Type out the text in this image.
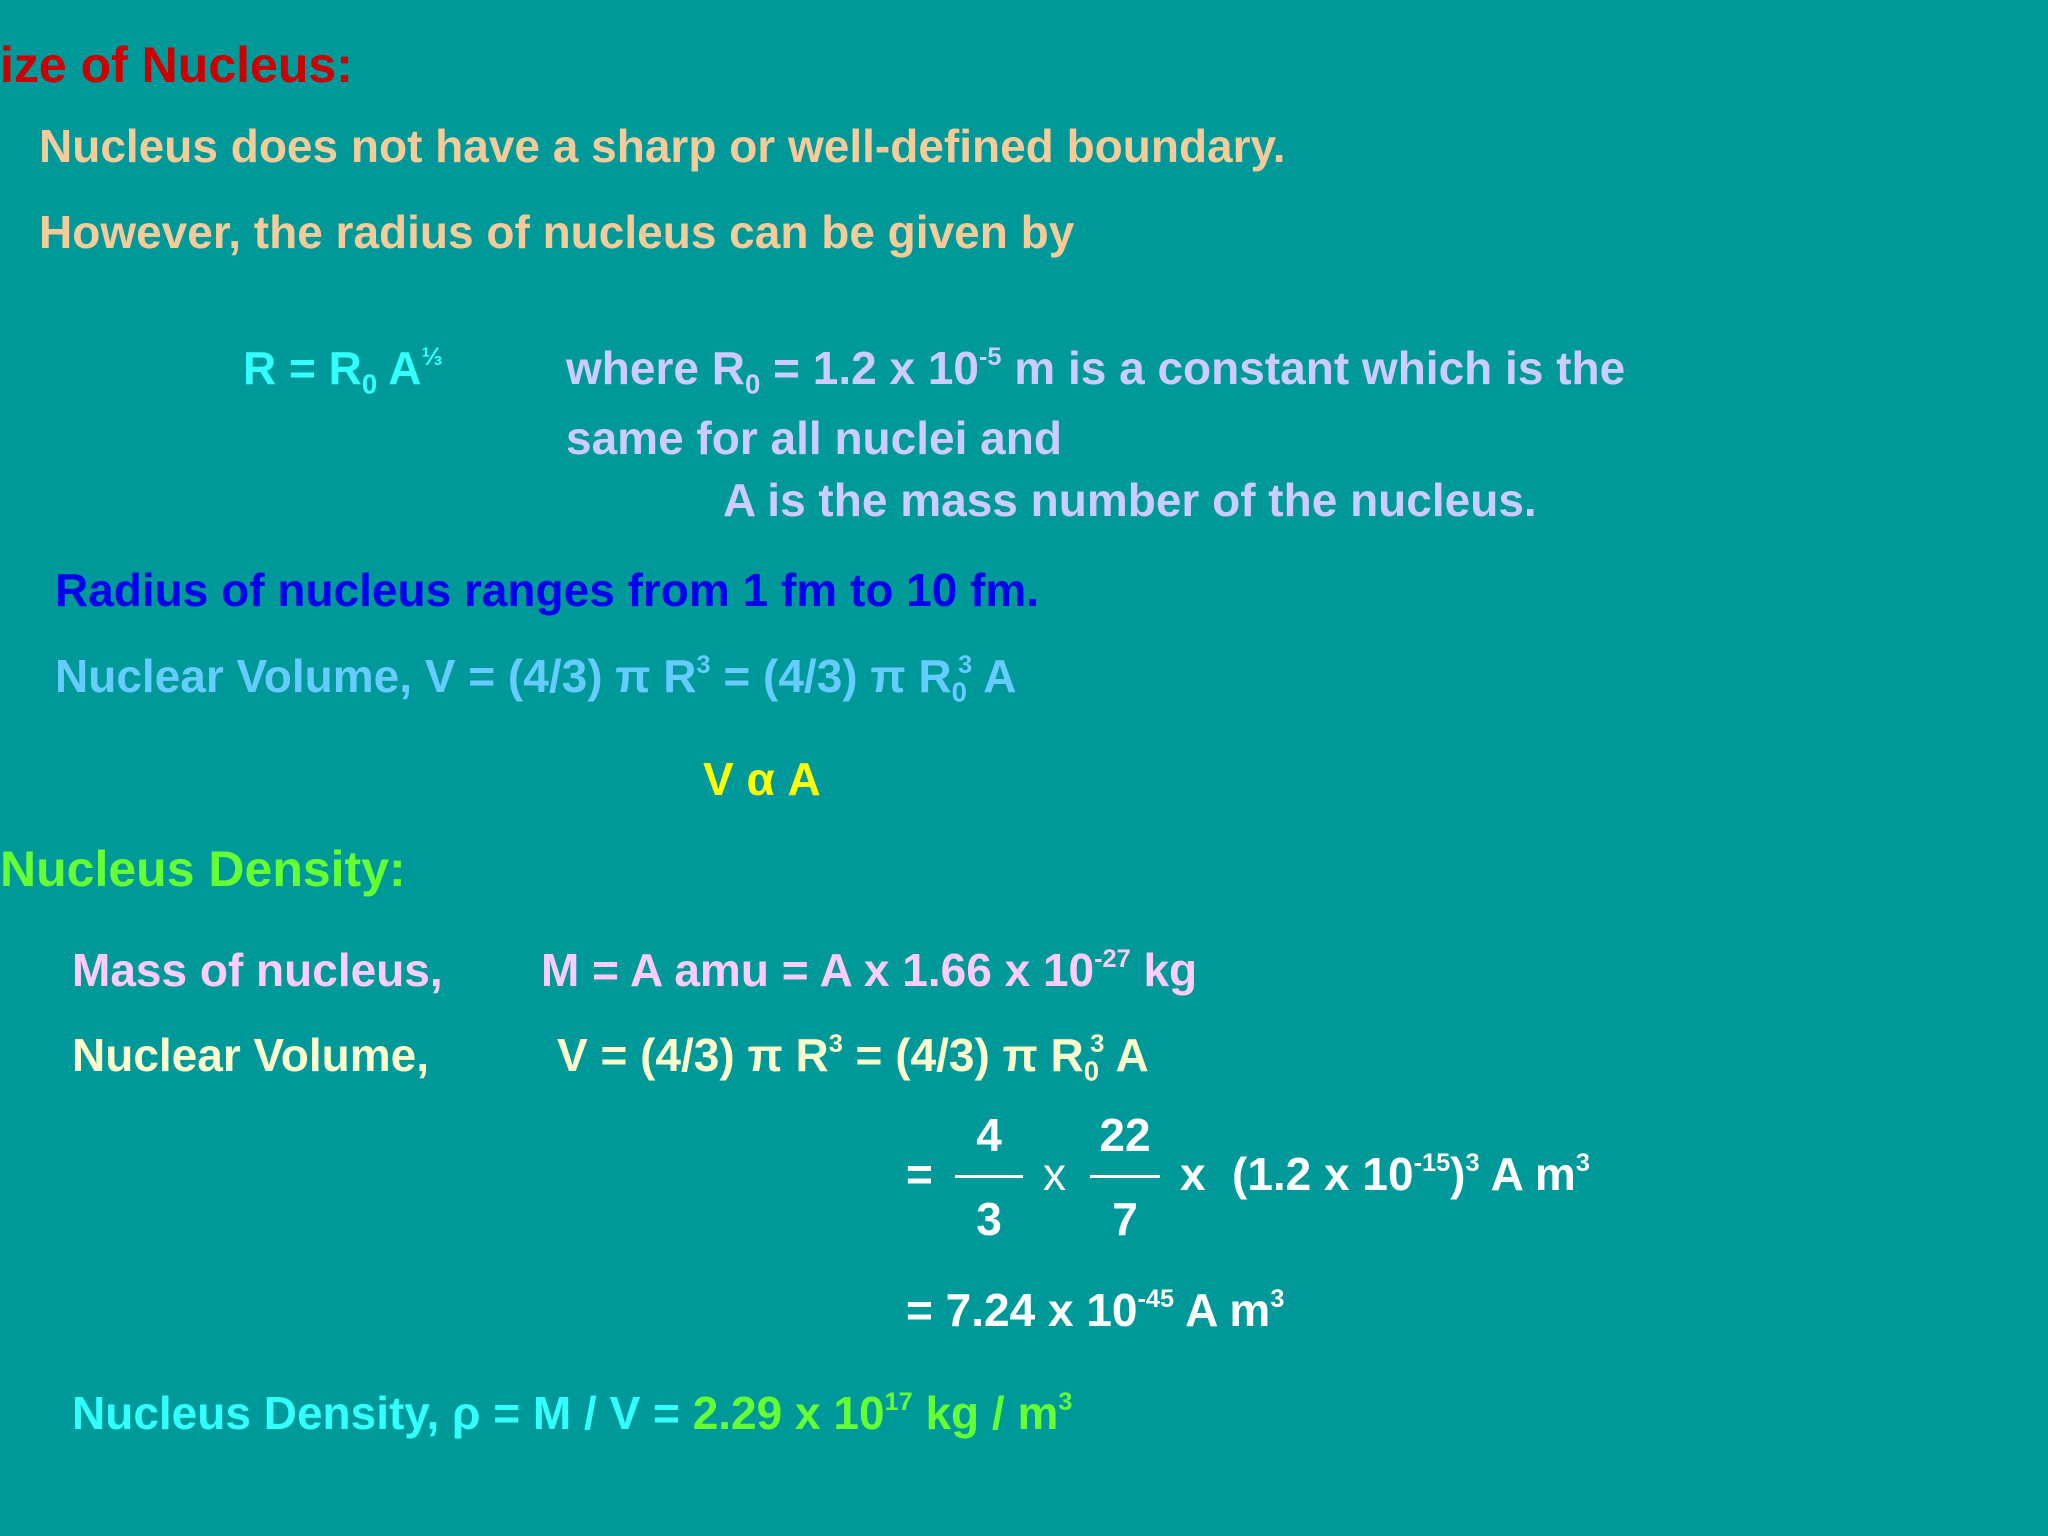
ize of Nucleus:
Nucleus does not have a sharp or well-defined boundary.
However, the radius of nucleus can be given by
$R = R_0$ $A^{\frac{1}{3}}$	where $R_0 = 1.2$ x $10^{-5}$ m is a constant which is the
same for all nuclei and
A is the mass number of the nucleus.
Radius of nucleus ranges from 1 fm to 10 fm.
Nuclear Volume, V = (4/3) π $R^3 = (4/3)$ π $R_0^3$ A
V α A
Nucleus Density:
Mass of nucleus, M = A amu = A x 1.66 x $10^{-27}$ kg
Nuclear Volume,	V = (4/3) π $R^3 = (4/3)$ π $R_0^3$ A
=
4
3
x
22
7
x (1.2 x $10^{-15})^3$ A $m^3$
= 7.24 x $10^{-45}$ A $m^3$
Nucleus Density, ρ = M / V = 2.29 x $10^{17}$ kg / $m^3$
